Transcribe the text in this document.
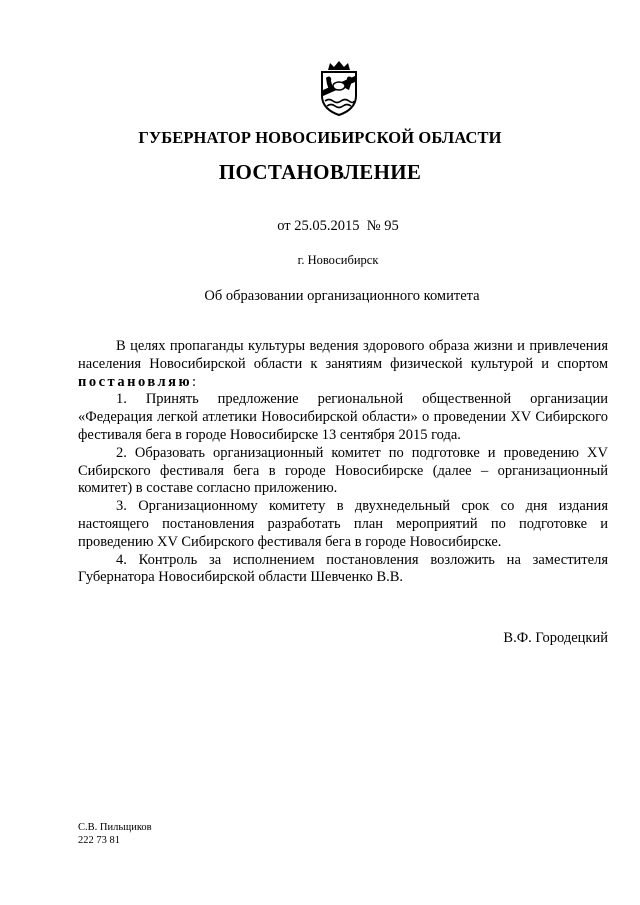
ГУБЕРНАТОР НОВОСИБИРСКОЙ ОБЛАСТИ
ПОСТАНОВЛЕНИЕ
от 25.05.2015  № 95
г. Новосибирск
Об образовании организационного комитета

В целях пропаганды культуры ведения здорового образа жизни и привлечения населения Новосибирской области к занятиям физической культурой и спортом постановляю:

1. Принять предложение региональной общественной организации «Федерация легкой атлетики Новосибирской области» о проведении XV Сибирского фестиваля бега в городе Новосибирске 13 сентября 2015 года.

2. Образовать организационный комитет по подготовке и проведению XV Сибирского фестиваля бега в городе Новосибирске (далее – организационный комитет) в составе согласно приложению.

3. Организационному комитету в двухнедельный срок со дня издания настоящего постановления разработать план мероприятий по подготовке и проведению XV Сибирского фестиваля бега в городе Новосибирске.

4. Контроль за исполнением постановления возложить на заместителя Губернатора Новосибирской области Шевченко В.В.

В.Ф. Городецкий
С.В. Пильщиков
222 73 81
